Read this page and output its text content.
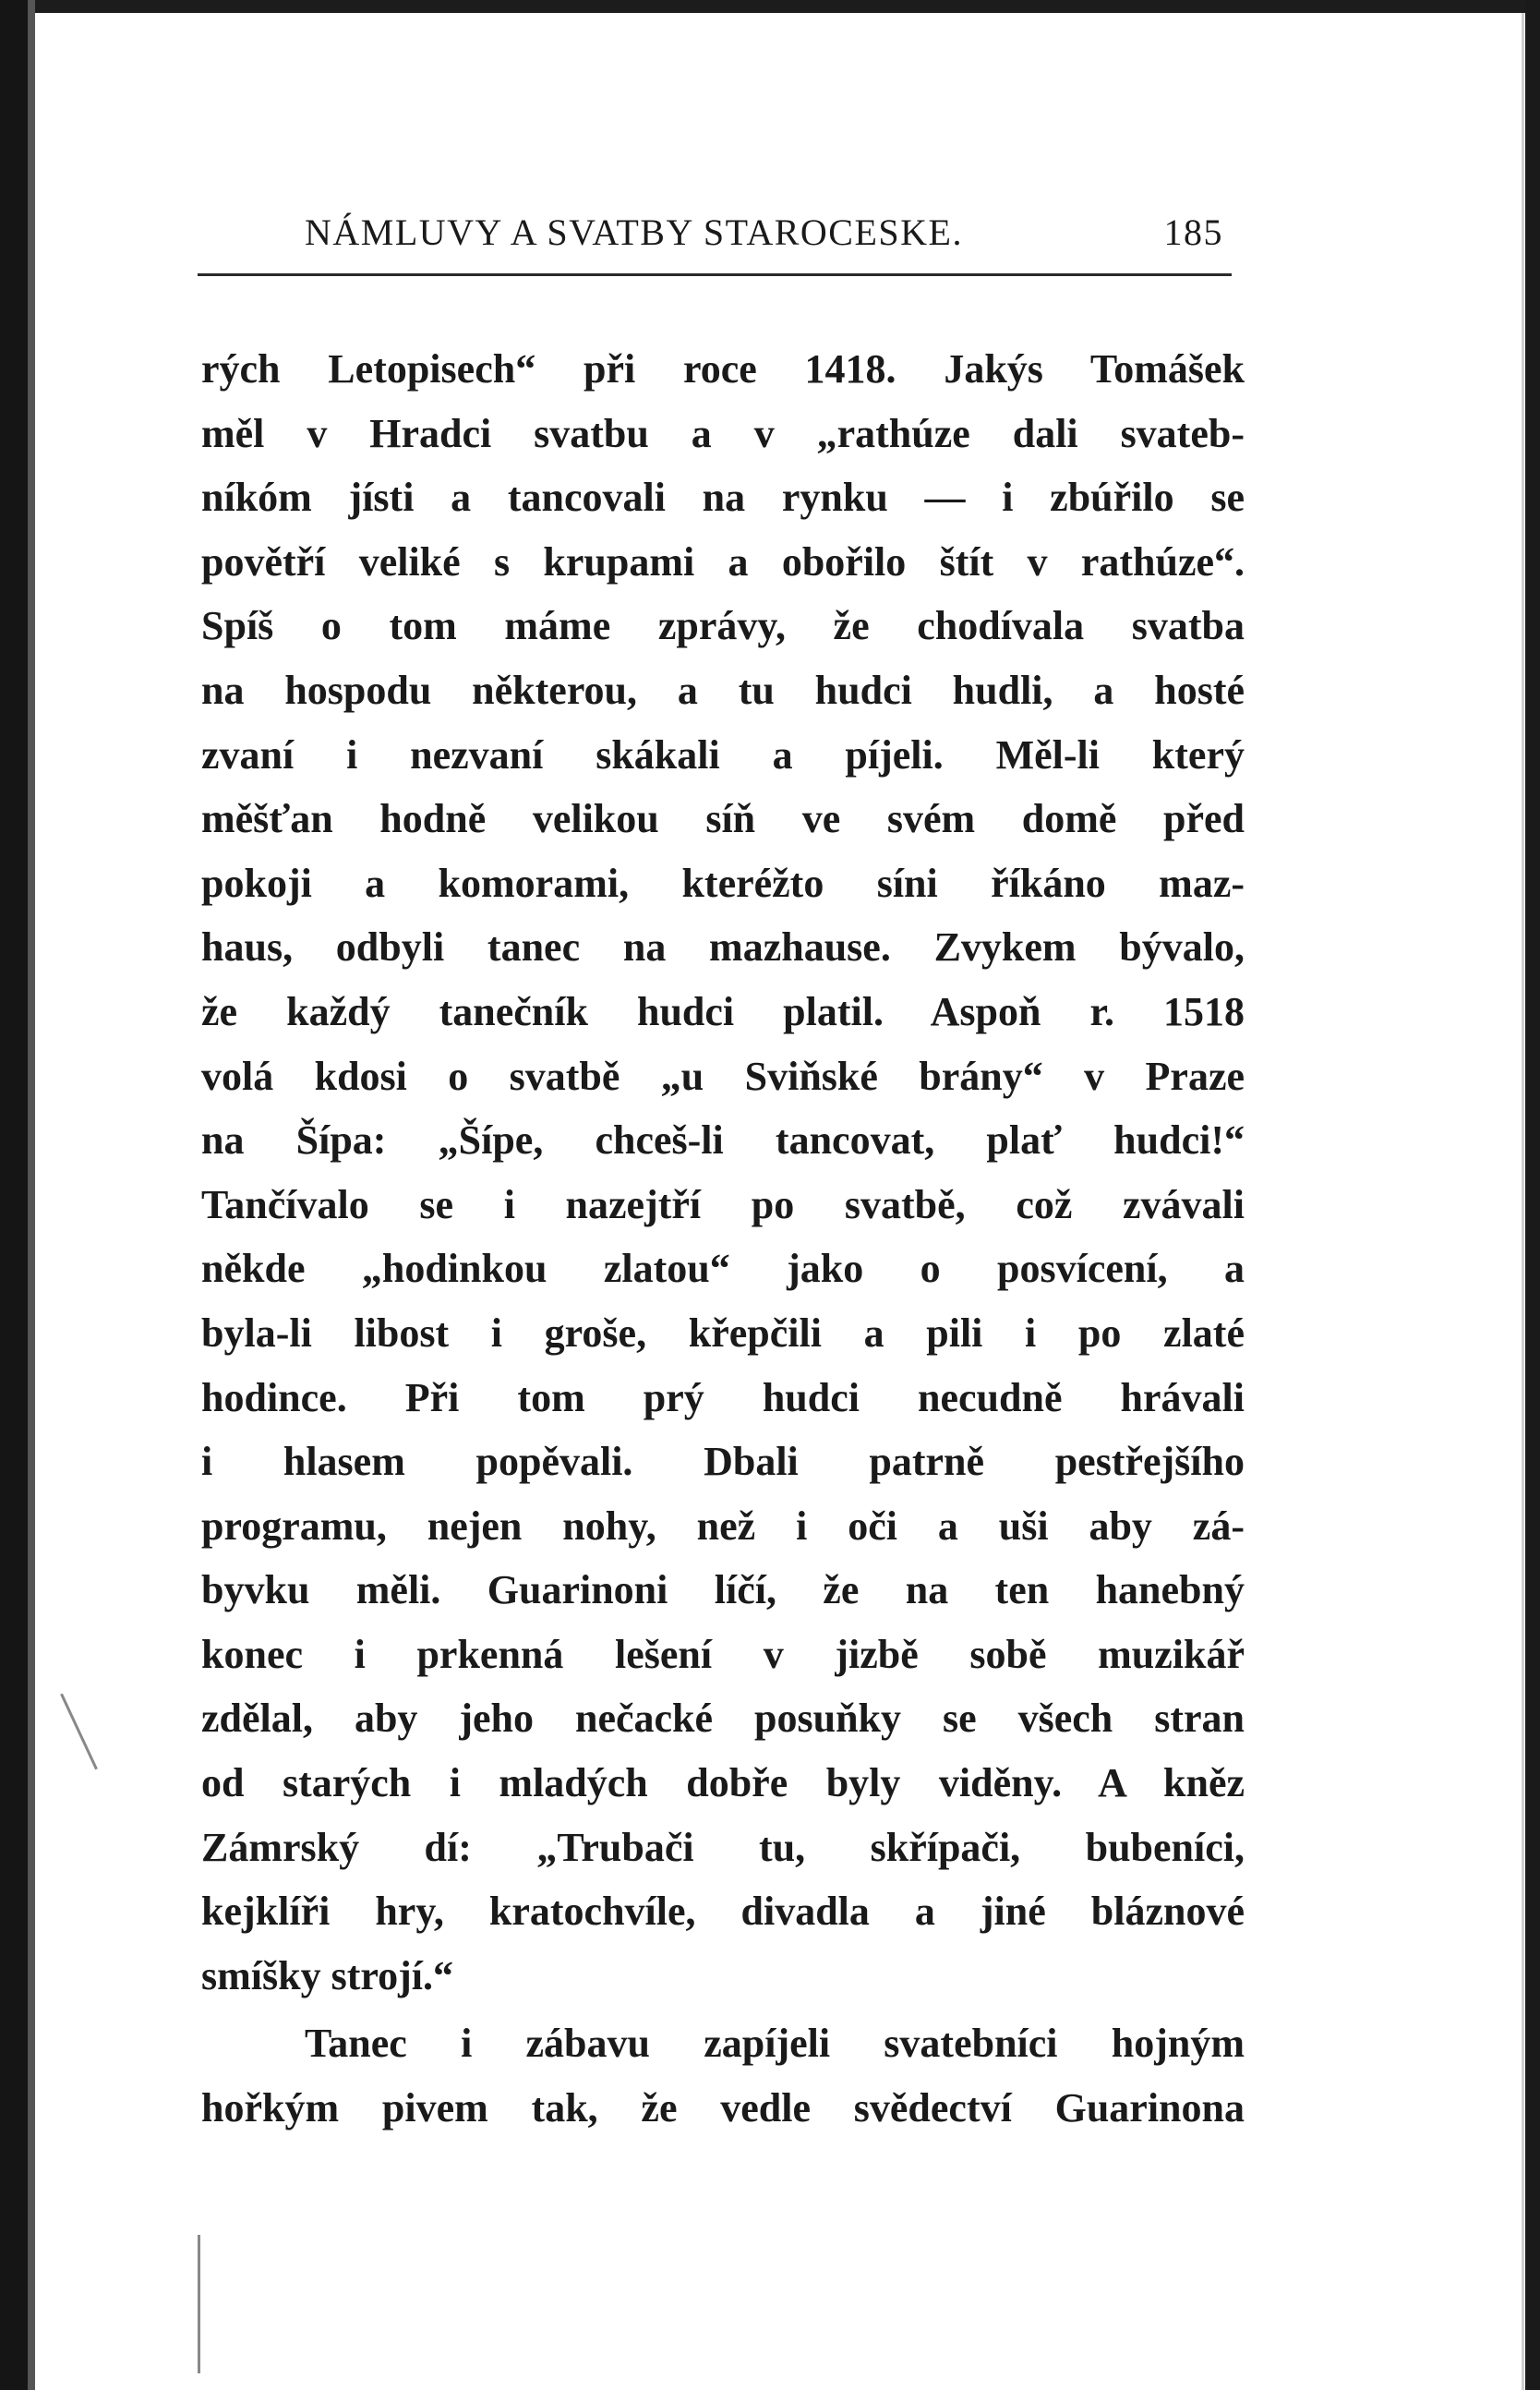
NÁMLUVY A SVATBY STAROCESKE.	185
rých Letopisech“ při roce 1418. Jakýs Tomášek
měl v Hradci svatbu a v „rathúze dali svateb-
níkóm jísti a tancovali na rynku — i zbúřilo se
povětří veliké s krupami a obořilo štít v rathúze“.
Spíš o tom máme zprávy, že chodívala svatba
na hospodu některou, a tu hudci hudli, a hosté
zvaní i nezvaní skákali a píjeli. Měl-li který
měšťan hodně velikou síň ve svém domě před
pokoji a komorami, kteréžto síni říkáno maz-
haus, odbyli tanec na mazhause. Zvykem bývalo,
že každý tanečník hudci platil. Aspoň r. 1518
volá kdosi o svatbě „u Sviňské brány“ v Praze
na Šípa: „Šípe, chceš-li tancovat, plať hudci!“
Tančívalo se i nazejtří po svatbě, což zvávali
někde „hodinkou zlatou“ jako o posvícení, a
byla-li libost i groše, křepčili a pili i po zlaté
hodince. Při tom prý hudci necudně hrávali
i hlasem popěvali. Dbali patrně pestřejšího
programu, nejen nohy, než i oči a uši aby zá-
byvku měli. Guarinoni líčí, že na ten hanebný
konec i prkenná lešení v jizbě sobě muzikář
zdělal, aby jeho nečacké posuňky se všech stran
od starých i mladých dobře byly viděny. A kněz
Zámrský dí: „Trubači tu, skřípači, bubeníci,
kejklíři hry, kratochvíle, divadla a jiné bláznové
smíšky strojí.“
Tanec i zábavu zapíjeli svatebníci hojným
hořkým pivem tak, že vedle svědectví Guarinona
